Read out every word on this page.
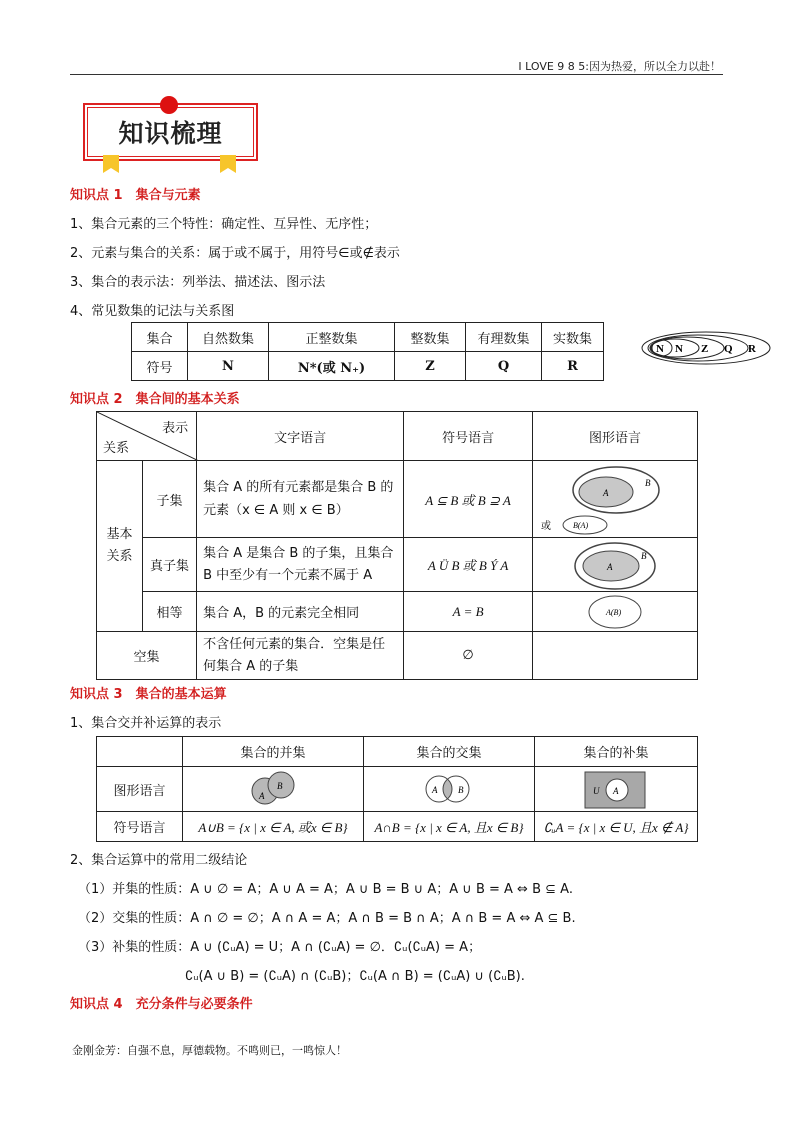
I LOVE 9 8 5:因为热爱，所以全力以赴！
知识梳理
知识点 1　集合与元素
1、集合元素的三个特性：确定性、互异性、无序性；
2、元素与集合的关系：属于或不属于，用符号∈或∉表示
3、集合的表示法：列举法、描述法、图示法
4、常见数集的记法与关系图
集合	自然数集	正整数集	整数集	有理数集	实数集
符号	N	N*(或 N₊)	Z	Q	R
N N Z Q R
知识点 2　集合间的基本关系
表示
关系		文字语言	符号语言	图形语言
基本关系	子集	集合 A 的所有元素都是集合 B 的元素（x ∈ A 则 x ∈ B）	A ⊆ B 或 B ⊇ A	A
B
或 B(A)

	真子集	集合 A 是集合 B 的子集，且集合 B 中至少有一个元素不属于 A	A Ü B 或 B Ý A	A
B

	相等	集合 A，B 的元素完全相同	A = B	A(B)

空集		不含任何元素的集合．空集是任何集合 A 的子集	∅	
知识点 3　集合的基本运算
1、集合交并补运算的表示
	集合的并集	集合的交集	集合的补集
图形语言	A
B	A B	U A

符号语言	A∪B = {x | x ∈ A, 或x ∈ B}	A∩B = {x | x ∈ A, 且x ∈ B}	∁ᵤA = {x | x ∈ U, 且x ∉ A}
2、集合运算中的常用二级结论
（1）并集的性质：A ∪ ∅ = A；A ∪ A = A；A ∪ B = B ∪ A；A ∪ B = A ⇔ B ⊆ A.
（2）交集的性质：A ∩ ∅ = ∅；A ∩ A = A；A ∩ B = B ∩ A；A ∩ B = A ⇔ A ⊆ B.
（3）补集的性质：A ∪ (∁ᵤA) = U；A ∩ (∁ᵤA) = ∅．∁ᵤ(∁ᵤA) = A；
∁ᵤ(A ∪ B) = (∁ᵤA) ∩ (∁ᵤB)；∁ᵤ(A ∩ B) = (∁ᵤA) ∪ (∁ᵤB).
知识点 4　充分条件与必要条件
金刚金芳：自强不息，厚德载物。不鸣则已，一鸣惊人！
